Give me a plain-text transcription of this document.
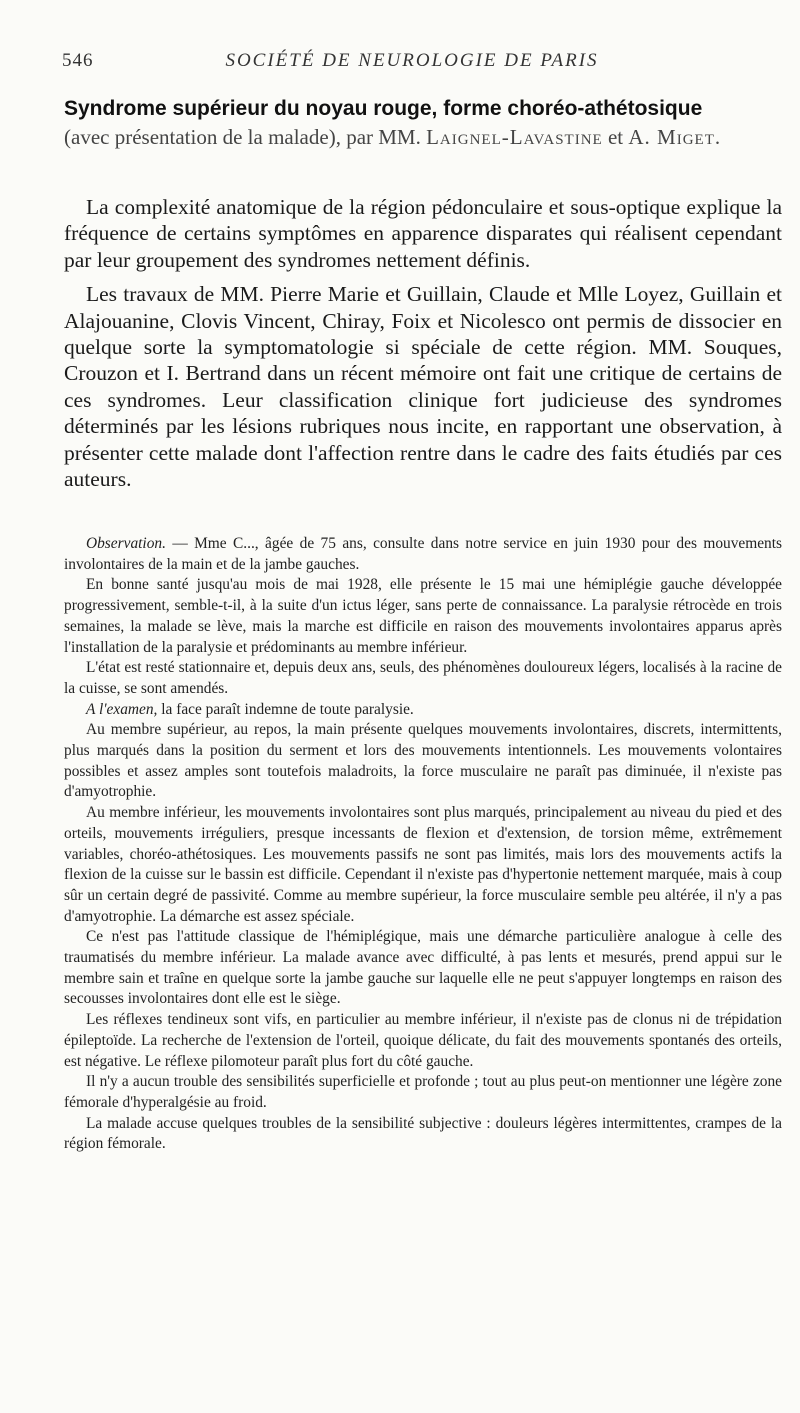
546	SOCIÉTÉ DE NEUROLOGIE DE PARIS
Syndrome supérieur du noyau rouge, forme choréo-athétosique
(avec présentation de la malade), par MM. Laignel-Lavastine et A. Miget.

La complexité anatomique de la région pédonculaire et sous-optique explique la fréquence de certains symptômes en apparence disparates qui réalisent cependant par leur groupement des syndromes nettement définis.

Les travaux de MM. Pierre Marie et Guillain, Claude et Mlle Loyez, Guillain et Alajouanine, Clovis Vincent, Chiray, Foix et Nicolesco ont permis de dissocier en quelque sorte la symptomatologie si spéciale de cette région. MM. Souques, Crouzon et I. Bertrand dans un récent mémoire ont fait une critique de certains de ces syndromes. Leur classification clinique fort judicieuse des syndromes déterminés par les lésions rubriques nous incite, en rapportant une observation, à présenter cette malade dont l'affection rentre dans le cadre des faits étudiés par ces auteurs.

Observation. — Mme C..., âgée de 75 ans, consulte dans notre service en juin 1930 pour des mouvements involontaires de la main et de la jambe gauches.

En bonne santé jusqu'au mois de mai 1928, elle présente le 15 mai une hémiplégie gauche développée progressivement, semble-t-il, à la suite d'un ictus léger, sans perte de connaissance. La paralysie rétrocède en trois semaines, la malade se lève, mais la marche est difficile en raison des mouvements involontaires apparus après l'installation de la paralysie et prédominants au membre inférieur.

L'état est resté stationnaire et, depuis deux ans, seuls, des phénomènes douloureux légers, localisés à la racine de la cuisse, se sont amendés.

A l'examen, la face paraît indemne de toute paralysie.

Au membre supérieur, au repos, la main présente quelques mouvements involontaires, discrets, intermittents, plus marqués dans la position du serment et lors des mouvements intentionnels. Les mouvements volontaires possibles et assez amples sont toutefois maladroits, la force musculaire ne paraît pas diminuée, il n'existe pas d'amyotrophie.

Au membre inférieur, les mouvements involontaires sont plus marqués, principalement au niveau du pied et des orteils, mouvements irréguliers, presque incessants de flexion et d'extension, de torsion même, extrêmement variables, choréo-athétosiques. Les mouvements passifs ne sont pas limités, mais lors des mouvements actifs la flexion de la cuisse sur le bassin est difficile. Cependant il n'existe pas d'hypertonie nettement marquée, mais à coup sûr un certain degré de passivité. Comme au membre supérieur, la force musculaire semble peu altérée, il n'y a pas d'amyotrophie. La démarche est assez spéciale.

Ce n'est pas l'attitude classique de l'hémiplégique, mais une démarche particulière analogue à celle des traumatisés du membre inférieur. La malade avance avec difficulté, à pas lents et mesurés, prend appui sur le membre sain et traîne en quelque sorte la jambe gauche sur laquelle elle ne peut s'appuyer longtemps en raison des secousses involontaires dont elle est le siège.

Les réflexes tendineux sont vifs, en particulier au membre inférieur, il n'existe pas de clonus ni de trépidation épileptoïde. La recherche de l'extension de l'orteil, quoique délicate, du fait des mouvements spontanés des orteils, est négative. Le réflexe pilomoteur paraît plus fort du côté gauche.

Il n'y a aucun trouble des sensibilités superficielle et profonde ; tout au plus peut-on mentionner une légère zone fémorale d'hyperalgésie au froid.

La malade accuse quelques troubles de la sensibilité subjective : douleurs légères intermittentes, crampes de la région fémorale.
